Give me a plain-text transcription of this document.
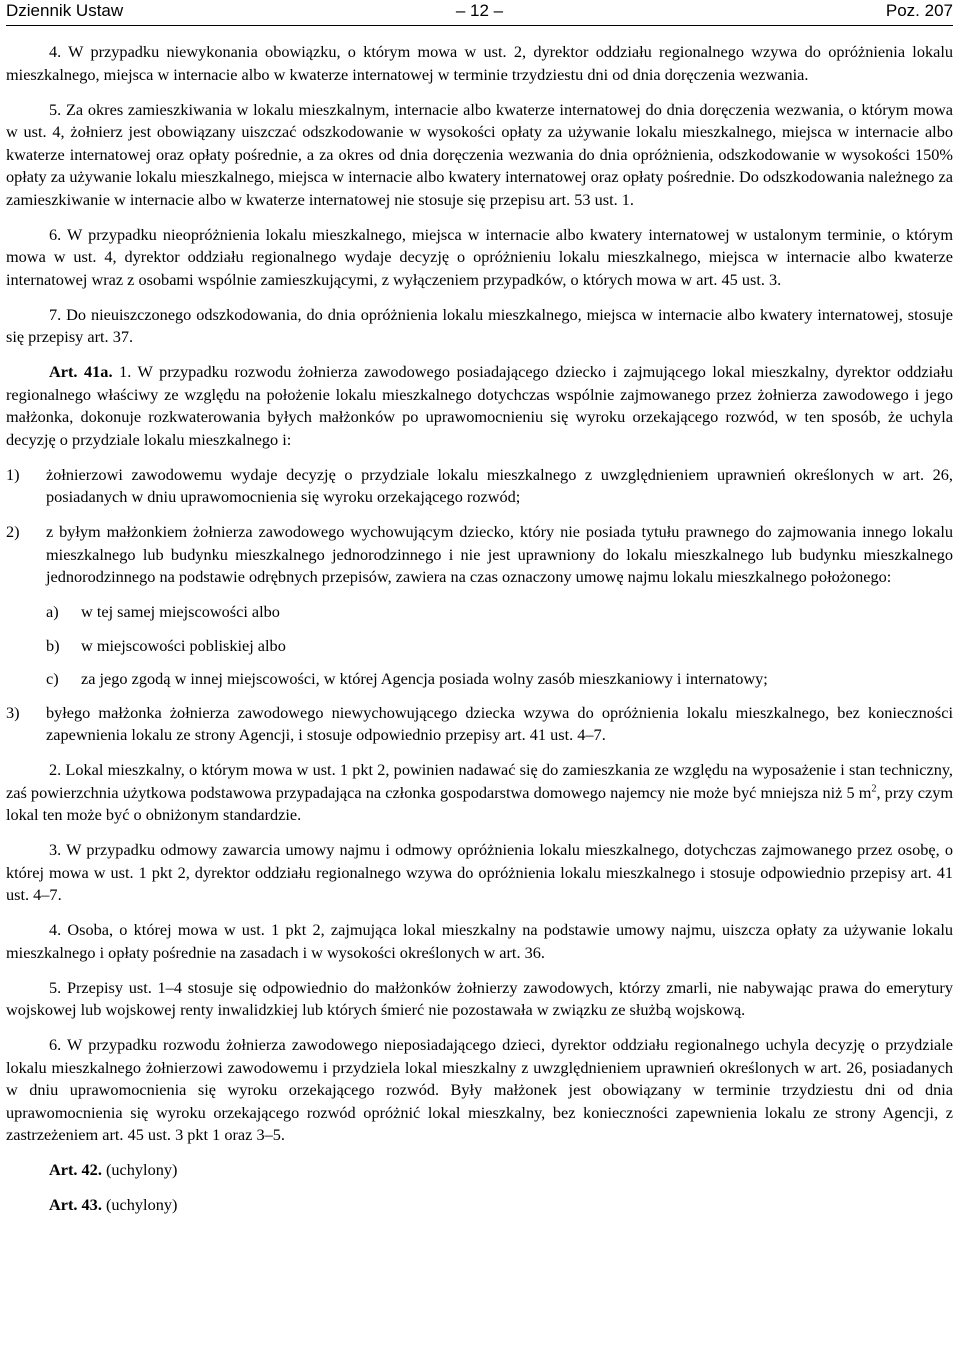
Dziennik Ustaw	– 12 –	Poz. 207

4. W przypadku niewykonania obowiązku, o którym mowa w ust. 2, dyrektor oddziału regionalnego wzywa do opróżnienia lokalu mieszkalnego, miejsca w internacie albo w kwaterze internatowej w terminie trzydziestu dni od dnia doręczenia wezwania.

5. Za okres zamieszkiwania w lokalu mieszkalnym, internacie albo kwaterze internatowej do dnia doręczenia wezwania, o którym mowa w ust. 4, żołnierz jest obowiązany uiszczać odszkodowanie w wysokości opłaty za używanie lokalu mieszkalnego, miejsca w internacie albo kwaterze internatowej oraz opłaty pośrednie, a za okres od dnia doręczenia wezwania do dnia opróżnienia, odszkodowanie w wysokości 150% opłaty za używanie lokalu mieszkalnego, miejsca w internacie albo kwatery internatowej oraz opłaty pośrednie. Do odszkodowania należnego za zamieszkiwanie w internacie albo w kwaterze internatowej nie stosuje się przepisu art. 53 ust. 1.

6. W przypadku nieopróżnienia lokalu mieszkalnego, miejsca w internacie albo kwatery internatowej w ustalonym terminie, o którym mowa w ust. 4, dyrektor oddziału regionalnego wydaje decyzję o opróżnieniu lokalu mieszkalnego, miejsca w internacie albo kwaterze internatowej wraz z osobami wspólnie zamieszkującymi, z wyłączeniem przypadków, o których mowa w art. 45 ust. 3.

7. Do nieuiszczonego odszkodowania, do dnia opróżnienia lokalu mieszkalnego, miejsca w internacie albo kwatery internatowej, stosuje się przepisy art. 37.

Art. 41a. 1. W przypadku rozwodu żołnierza zawodowego posiadającego dziecko i zajmującego lokal mieszkalny, dyrektor oddziału regionalnego właściwy ze względu na położenie lokalu mieszkalnego dotychczas wspólnie zajmowanego przez żołnierza zawodowego i jego małżonka, dokonuje rozkwaterowania byłych małżonków po uprawomocnieniu się wyroku orzekającego rozwód, w ten sposób, że uchyla decyzję o przydziale lokalu mieszkalnego i:

1) żołnierzowi zawodowemu wydaje decyzję o przydziale lokalu mieszkalnego z uwzględnieniem uprawnień określonych w art. 26, posiadanych w dniu uprawomocnienia się wyroku orzekającego rozwód;
2) z byłym małżonkiem żołnierza zawodowego wychowującym dziecko, który nie posiada tytułu prawnego do zajmowania innego lokalu mieszkalnego lub budynku mieszkalnego jednorodzinnego i nie jest uprawniony do lokalu mieszkalnego lub budynku mieszkalnego jednorodzinnego na podstawie odrębnych przepisów, zawiera na czas oznaczony umowę najmu lokalu mieszkalnego położonego:
a) w tej samej miejscowości albo
b) w miejscowości pobliskiej albo
c) za jego zgodą w innej miejscowości, w której Agencja posiada wolny zasób mieszkaniowy i internatowy;
3) byłego małżonka żołnierza zawodowego niewychowującego dziecka wzywa do opróżnienia lokalu mieszkalnego, bez konieczności zapewnienia lokalu ze strony Agencji, i stosuje odpowiednio przepisy art. 41 ust. 4–7.

2. Lokal mieszkalny, o którym mowa w ust. 1 pkt 2, powinien nadawać się do zamieszkania ze względu na wyposażenie i stan techniczny, zaś powierzchnia użytkowa podstawowa przypadająca na członka gospodarstwa domowego najemcy nie może być mniejsza niż 5 $m^2$, przy czym lokal ten może być o obniżonym standardzie.

3. W przypadku odmowy zawarcia umowy najmu i odmowy opróżnienia lokalu mieszkalnego, dotychczas zajmowanego przez osobę, o której mowa w ust. 1 pkt 2, dyrektor oddziału regionalnego wzywa do opróżnienia lokalu mieszkalnego i stosuje odpowiednio przepisy art. 41 ust. 4–7.

4. Osoba, o której mowa w ust. 1 pkt 2, zajmująca lokal mieszkalny na podstawie umowy najmu, uiszcza opłaty za używanie lokalu mieszkalnego i opłaty pośrednie na zasadach i w wysokości określonych w art. 36.

5. Przepisy ust. 1–4 stosuje się odpowiednio do małżonków żołnierzy zawodowych, którzy zmarli, nie nabywając prawa do emerytury wojskowej lub wojskowej renty inwalidzkiej lub których śmierć nie pozostawała w związku ze służbą wojskową.

6. W przypadku rozwodu żołnierza zawodowego nieposiadającego dzieci, dyrektor oddziału regionalnego uchyla decyzję o przydziale lokalu mieszkalnego żołnierzowi zawodowemu i przydziela lokal mieszkalny z uwzględnieniem uprawnień określonych w art. 26, posiadanych w dniu uprawomocnienia się wyroku orzekającego rozwód. Były małżonek jest obowiązany w terminie trzydziestu dni od dnia uprawomocnienia się wyroku orzekającego rozwód opróżnić lokal mieszkalny, bez konieczności zapewnienia lokalu ze strony Agencji, z zastrzeżeniem art. 45 ust. 3 pkt 1 oraz 3–5.

Art. 42. (uchylony)

Art. 43. (uchylony)
